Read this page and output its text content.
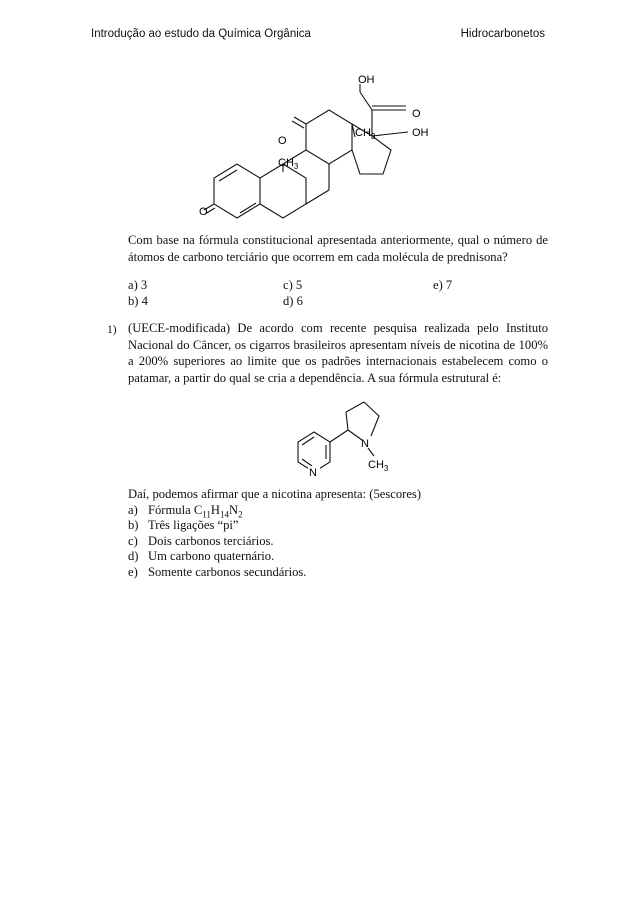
Introdução ao estudo da Química Orgânica	Hidrocarbonetos
OH
O
$CH_3$	OH
O
$CH_3$
O
Com base na fórmula constitucional apresentada anteriormente, qual o número de átomos de carbono terciário que ocorrem em cada molécula de prednisona?
a) 3
b) 4
c) 5
d) 6
e) 7
1) (UECE-modificada) De acordo com recente pesquisa realizada pelo Instituto Nacional do Câncer, os cigarros brasileiros apresentam níveis de nicotina de 100% a 200% superiores ao limite que os padrões internacionais estabelecem como o patamar, a partir do qual se cria a dependência. A sua fórmula estrutural é:
N
N
$CH_3$
Daí, podemos afirmar que a nicotina apresenta: (5escores)
a) Fórmula $C_{11}H_{14}N_2$
b) Três ligações “pi”
c) Dois carbonos terciários.
d) Um carbono quaternário.
e) Somente carbonos secundários.
